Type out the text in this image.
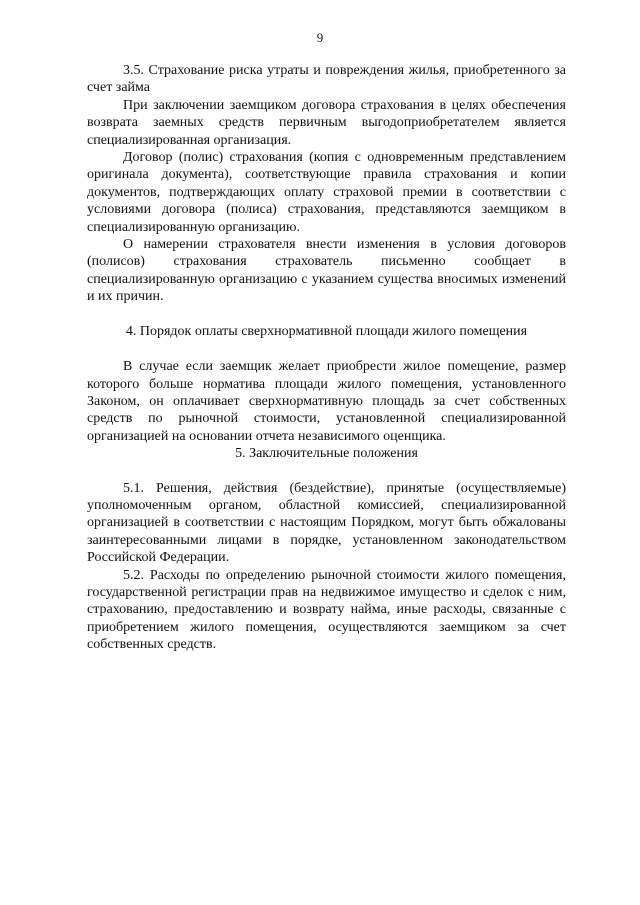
9

3.5. Страхование риска утраты и повреждения жилья, приобретенного за счет займа

При заключении заемщиком договора страхования в целях обеспечения возврата заемных средств первичным выгодоприобретателем является специализированная организация.

Договор (полис) страхования (копия с одновременным представлением оригинала документа), соответствующие правила страхования и копии документов, подтверждающих оплату страховой премии в соответствии с условиями договора (полиса) страхования, представляются заемщиком в специализированную организацию.

О намерении страхователя внести изменения в условия договоров (полисов) страхования страхователь письменно сообщает в специализированную организацию с указанием существа вносимых изменений и их причин.

4. Порядок оплаты сверхнормативной площади жилого помещения

В случае если заемщик желает приобрести жилое помещение, размер которого больше норматива площади жилого помещения, установленного Законом, он оплачивает сверхнормативную площадь за счет собственных средств по рыночной стоимости, установленной специализированной организацией на основании отчета независимого оценщика.

5. Заключительные положения

5.1. Решения, действия (бездействие), принятые (осуществляемые) уполномоченным органом, областной комиссией, специализированной организацией в соответствии с настоящим Порядком, могут быть обжалованы заинтересованными лицами в порядке, установленном законодательством Российской Федерации.

5.2. Расходы по определению рыночной стоимости жилого помещения, государственной регистрации прав на недвижимое имущество и сделок с ним, страхованию, предоставлению и возврату найма, иные расходы, связанные с приобретением жилого помещения, осуществляются заемщиком за счет собственных средств.
